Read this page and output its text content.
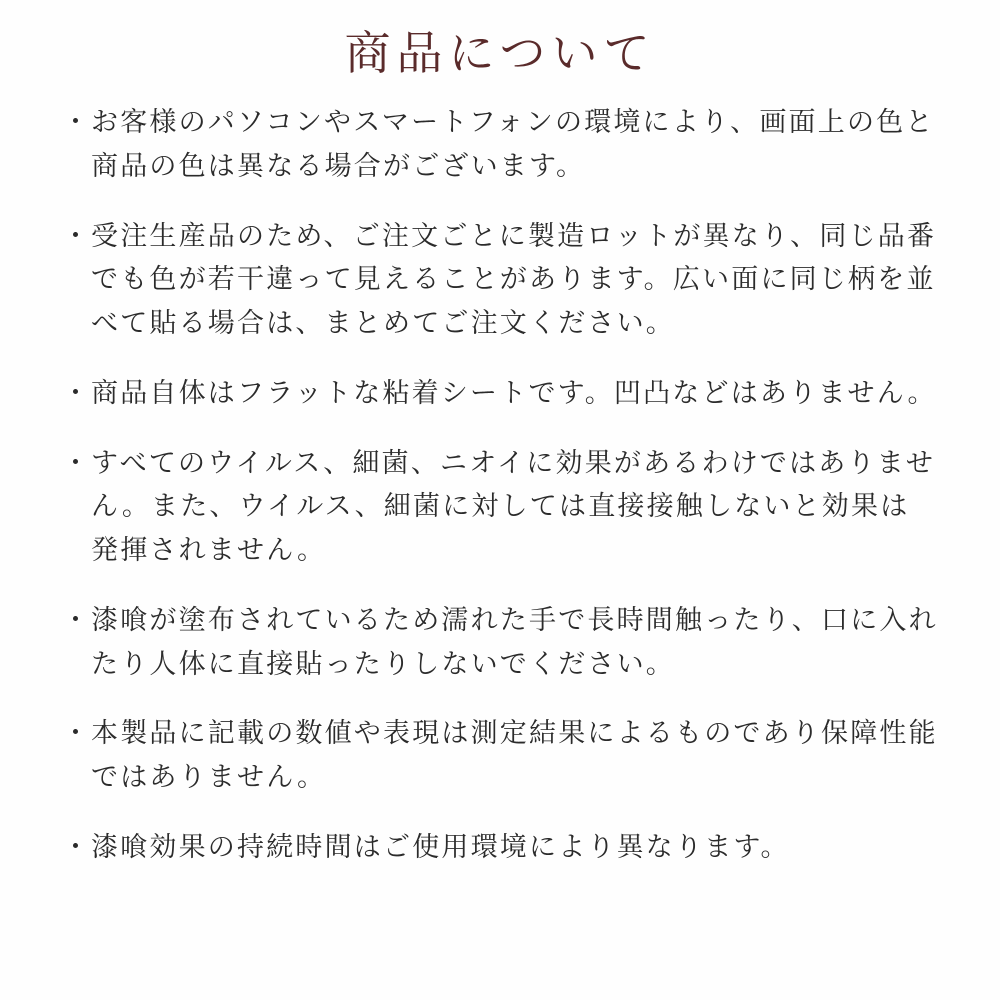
商品について
・ お客様のパソコンやスマートフォンの環境により、画面上の色と商品の色は異なる場合がございます。
・ 受注生産品のため、ご注文ごとに製造ロットが異なり、同じ品番でも色が若干違って見えることがあります。広い面に同じ柄を並べて貼る場合は、まとめてご注文ください。
・ 商品自体はフラットな粘着シートです。凹凸などはありません。
・ すべてのウイルス、細菌、ニオイに効果があるわけではありません。また、ウイルス、細菌に対しては直接接触しないと効果は発揮されません。
・ 漆喰が塗布されているため濡れた手で長時間触ったり、口に入れたり人体に直接貼ったりしないでください。
・ 本製品に記載の数値や表現は測定結果によるものであり保障性能ではありません。
・ 漆喰効果の持続時間はご使用環境により異なります。
